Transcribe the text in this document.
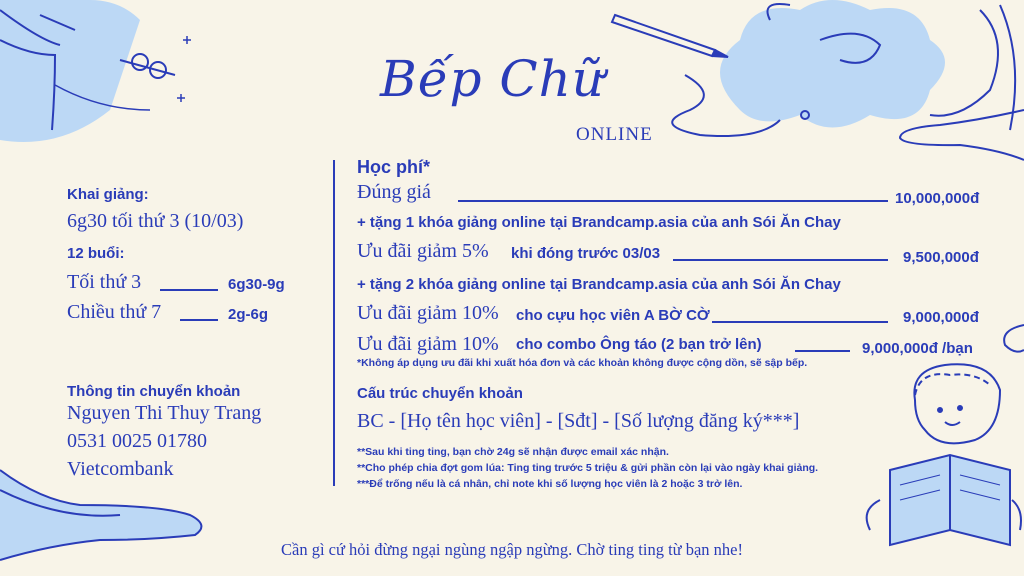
Bếp Chữ
ONLINE
Khai giảng:
6g30 tối thứ 3 (10/03)
12 buổi:
Tối thứ 3	6g30-9g
Chiều thứ 7	2g-6g
Thông tin chuyển khoản
Nguyen Thi Thuy Trang
0531 0025 01780
Vietcombank
Học phí*
Đúng giá	10,000,000đ
+ tặng 1 khóa giảng online tại Brandcamp.asia của anh Sói Ăn Chay
Ưu đãi giảm 5% khi đóng trước 03/03	9,500,000đ
+ tặng 2 khóa giảng online tại Brandcamp.asia của anh Sói Ăn Chay
Ưu đãi giảm 10% cho cựu học viên A BỜ CỜ	9,000,000đ
Ưu đãi giảm 10% cho combo Ông táo (2 bạn trở lên)	9,000,000đ /bạn
*Không áp dụng ưu đãi khi xuất hóa đơn và các khoản không được cộng dồn, sẽ sập bếp.
Cấu trúc chuyển khoản
BC - [Họ tên học viên] - [Sđt] - [Số lượng đăng ký***]
**Sau khi ting ting, bạn chờ 24g sẽ nhận được email xác nhận.
**Cho phép chia đợt gom lúa: Ting ting trước 5 triệu & gửi phần còn lại vào ngày khai giảng.
***Để trống nếu là cá nhân, chỉ note khi số lượng học viên là 2 hoặc 3 trở lên.
Cần gì cứ hỏi đừng ngại ngùng ngập ngừng. Chờ ting ting từ bạn nhe!
